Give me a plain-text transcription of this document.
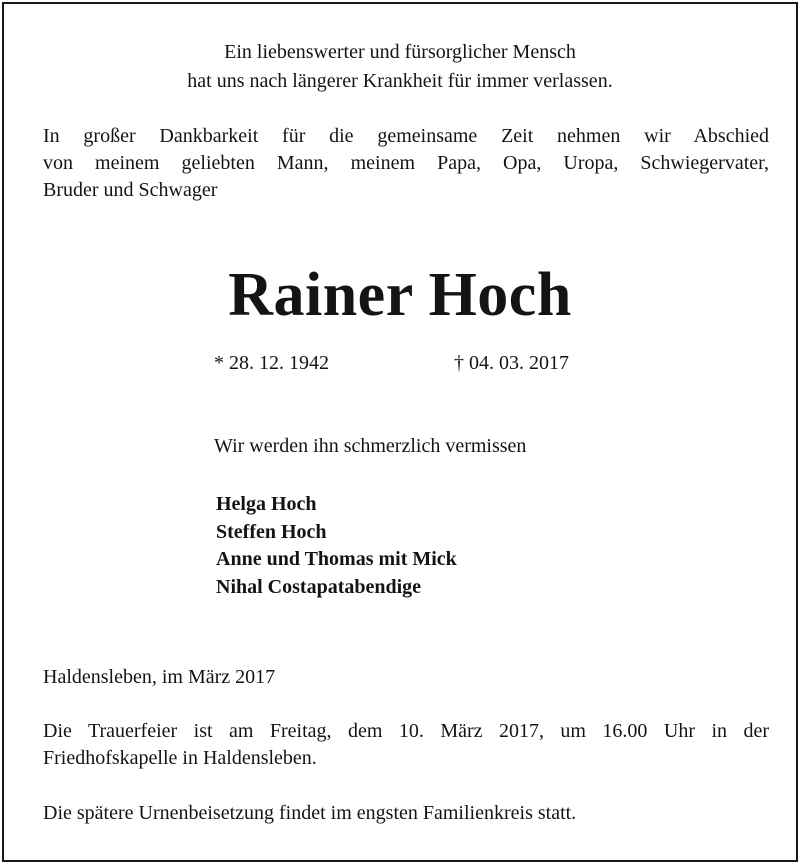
Ein liebenswerter und fürsorglicher Mensch
hat uns nach längerer Krankheit für immer verlassen.
In großer Dankbarkeit für die gemeinsame Zeit nehmen wir Abschied
von meinem geliebten Mann, meinem Papa, Opa, Uropa, Schwiegervater,
Bruder und Schwager
Rainer Hoch
* 28. 12. 1942	† 04. 03. 2017
Wir werden ihn schmerzlich vermissen
Helga Hoch
Steffen Hoch
Anne und Thomas mit Mick
Nihal Costapatabendige
Haldensleben, im März 2017
Die Trauerfeier ist am Freitag, dem 10. März 2017, um 16.00 Uhr in der
Friedhofskapelle in Haldensleben.
Die spätere Urnenbeisetzung findet im engsten Familienkreis statt.
